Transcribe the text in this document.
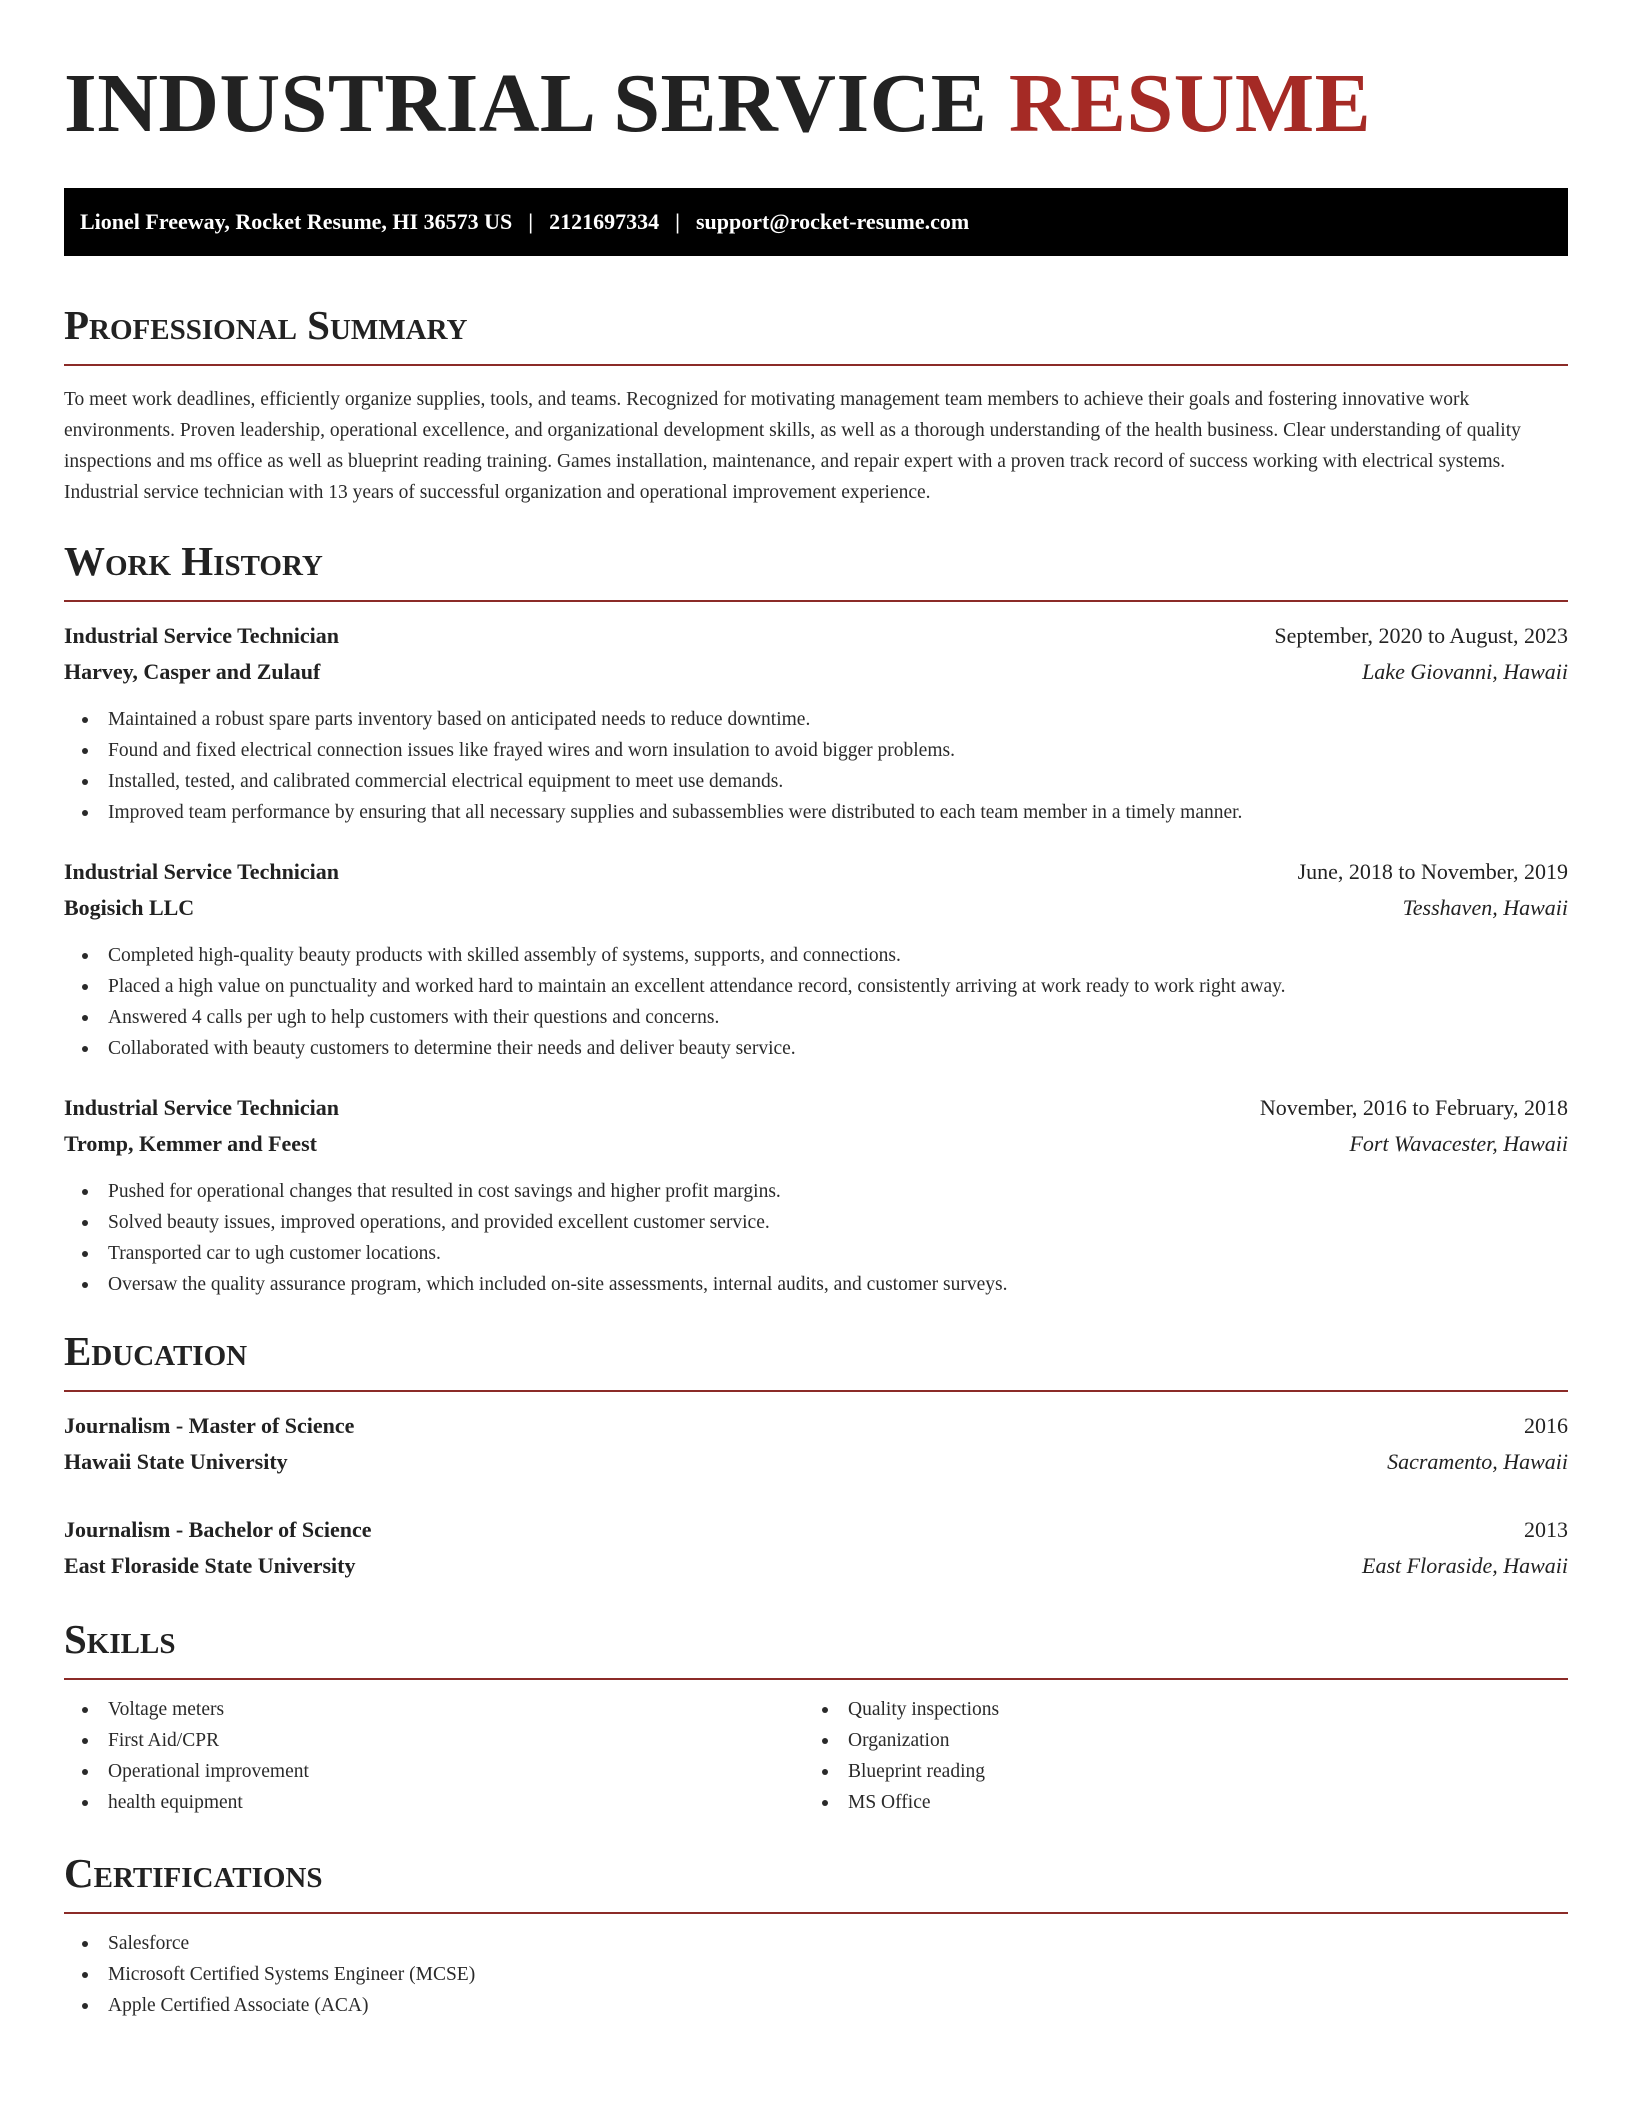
INDUSTRIAL SERVICE RESUME
Lionel Freeway, Rocket Resume, HI 36573 US | 2121697334 | support@rocket-resume.com
Professional Summary

To meet work deadlines, efficiently organize supplies, tools, and teams. Recognized for motivating management team members to achieve their goals and fostering innovative work environments. Proven leadership, operational excellence, and organizational development skills, as well as a thorough understanding of the health business. Clear understanding of quality inspections and ms office as well as blueprint reading training. Games installation, maintenance, and repair expert with a proven track record of success working with electrical systems. Industrial service technician with 13 years of successful organization and operational improvement experience.

Work History
Industrial Service Technician	September, 2020 to August, 2023
Harvey, Casper and Zulauf	Lake Giovanni, Hawaii
Maintained a robust spare parts inventory based on anticipated needs to reduce downtime.
Found and fixed electrical connection issues like frayed wires and worn insulation to avoid bigger problems.
Installed, tested, and calibrated commercial electrical equipment to meet use demands.
Improved team performance by ensuring that all necessary supplies and subassemblies were distributed to each team member in a timely manner.
Industrial Service Technician	June, 2018 to November, 2019
Bogisich LLC	Tesshaven, Hawaii
Completed high-quality beauty products with skilled assembly of systems, supports, and connections.
Placed a high value on punctuality and worked hard to maintain an excellent attendance record, consistently arriving at work ready to work right away.
Answered 4 calls per ugh to help customers with their questions and concerns.
Collaborated with beauty customers to determine their needs and deliver beauty service.
Industrial Service Technician	November, 2016 to February, 2018
Tromp, Kemmer and Feest	Fort Wavacester, Hawaii
Pushed for operational changes that resulted in cost savings and higher profit margins.
Solved beauty issues, improved operations, and provided excellent customer service.
Transported car to ugh customer locations.
Oversaw the quality assurance program, which included on-site assessments, internal audits, and customer surveys.
Education
Journalism - Master of Science	2016
Hawaii State University	Sacramento, Hawaii
Journalism - Bachelor of Science	2013
East Floraside State University	East Floraside, Hawaii
Skills
Voltage meters
First Aid/CPR
Operational improvement
health equipment
Quality inspections
Organization
Blueprint reading
MS Office
Certifications
Salesforce
Microsoft Certified Systems Engineer (MCSE)
Apple Certified Associate (ACA)
